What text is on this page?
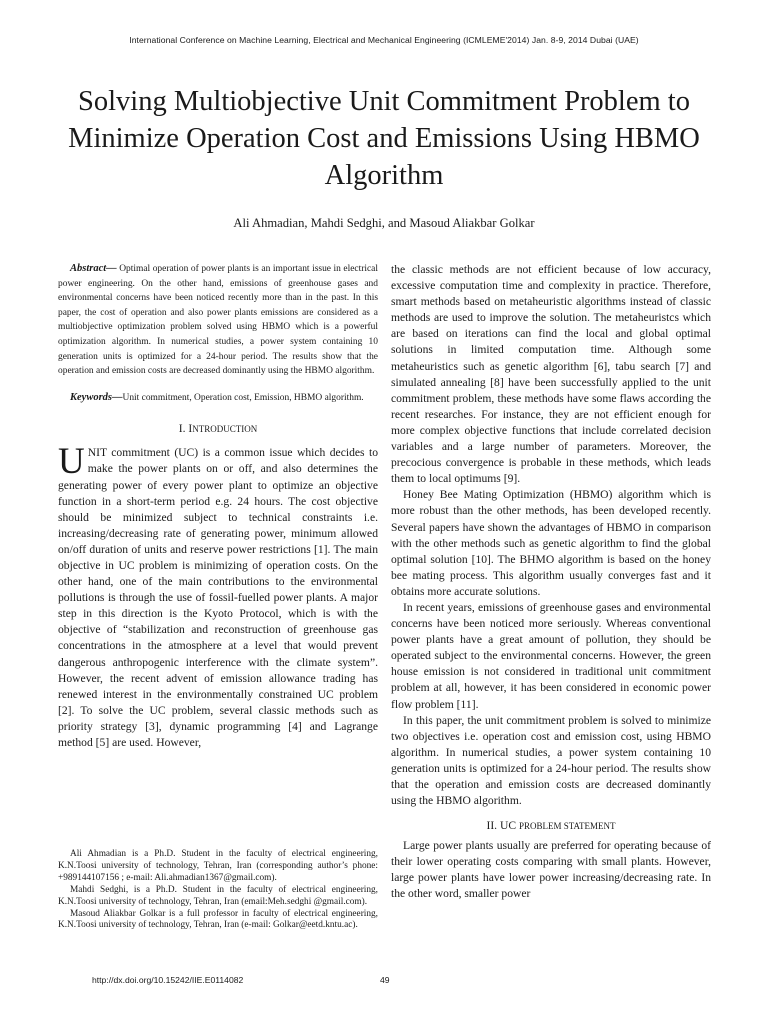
International Conference on Machine Learning, Electrical and Mechanical Engineering (ICMLEME'2014) Jan. 8-9, 2014 Dubai (UAE)
Solving Multiobjective Unit Commitment Problem to Minimize Operation Cost and Emissions Using HBMO Algorithm
Ali Ahmadian, Mahdi Sedghi, and Masoud Aliakbar Golkar

Abstract— Optimal operation of power plants is an important issue in electrical power engineering. On the other hand, emissions of greenhouse gases and environmental concerns have been noticed recently more than in the past. In this paper, the cost of operation and also power plants emissions are considered as a multiobjective optimization problem solved using HBMO which is a powerful optimization algorithm. In numerical studies, a power system containing 10 generation units is optimized for a 24-hour period. The results show that the operation and emission costs are decreased dominantly using the HBMO algorithm.

Keywords—Unit commitment, Operation cost, Emission, HBMO algorithm.

I. INTRODUCTION

UNIT commitment (UC) is a common issue which decides to make the power plants on or off, and also determines the generating power of every power plant to optimize an objective function in a short-term period e.g. 24 hours. The cost objective should be minimized subject to technical constraints i.e. increasing/decreasing rate of generating power, minimum allowed on/off duration of units and reserve power restrictions [1]. The main objective in UC problem is minimizing of operation costs. On the other hand, one of the main contributions to the environmental pollutions is through the use of fossil-fuelled power plants. A major step in this direction is the Kyoto Protocol, which is with the objective of “stabilization and reconstruction of greenhouse gas concentrations in the atmosphere at a level that would prevent dangerous anthropogenic interference with the climate system”. However, the recent advent of emission allowance trading has renewed interest in the environmentally constrained UC problem [2]. To solve the UC problem, several classic methods such as priority strategy [3], dynamic programming [4] and Lagrange method [5] are used. However,

the classic methods are not efficient because of low accuracy, excessive computation time and complexity in practice. Therefore, smart methods based on metaheuristic algorithms instead of classic methods are used to improve the solution. The metaheuristcs which are based on iterations can find the local and global optimal solutions in limited computation time. Although some metaheuristics such as genetic algorithm [6], tabu search [7] and simulated annealing [8] have been successfully applied to the unit commitment problem, these methods have some flaws according the recent researches. For instance, they are not efficient enough for more complex objective functions that include correlated decision variables and a large number of parameters. Moreover, the precocious convergence is probable in these methods, which leads them to local optimums [9].

Honey Bee Mating Optimization (HBMO) algorithm which is more robust than the other methods, has been developed recently. Several papers have shown the advantages of HBMO in comparison with the other methods such as genetic algorithm to find the global optimal solution [10]. The BHMO algorithm is based on the honey bee mating process. This algorithm usually converges fast and it obtains more accurate solutions.

In recent years, emissions of greenhouse gases and environmental concerns have been noticed more seriously. Whereas conventional power plants have a great amount of pollution, they should be operated subject to the environmental concerns. However, the green house emission is not considered in traditional unit commitment problem at all, however, it has been considered in economic power flow problem [11].

In this paper, the unit commitment problem is solved to minimize two objectives i.e. operation cost and emission cost, using HBMO algorithm. In numerical studies, a power system containing 10 generation units is optimized for a 24-hour period. The results show that the operation and emission costs are decreased dominantly using the HBMO algorithm.

II. UC PROBLEM STATEMENT

Large power plants usually are preferred for operating because of their lower operating costs comparing with small plants. However, large power plants have lower power increasing/decreasing rate. In the other word, smaller power

Ali Ahmadian is a Ph.D. Student in the faculty of electrical engineering, K.N.Toosi university of technology, Tehran, Iran (corresponding author’s phone: +989144107156 ; e-mail: Ali.ahmadian1367@gmail.com).

Mahdi Sedghi, is a Ph.D. Student in the faculty of electrical engineering, K.N.Toosi university of technology, Tehran, Iran (email:Meh.sedghi @gmail.com).

Masoud Aliakbar Golkar is a full professor in faculty of electrical engineering, K.N.Toosi university of technology, Tehran, Iran (e-mail: Golkar@eetd.kntu.ac).

http://dx.doi.org/10.15242/IIE.E0114082	49
